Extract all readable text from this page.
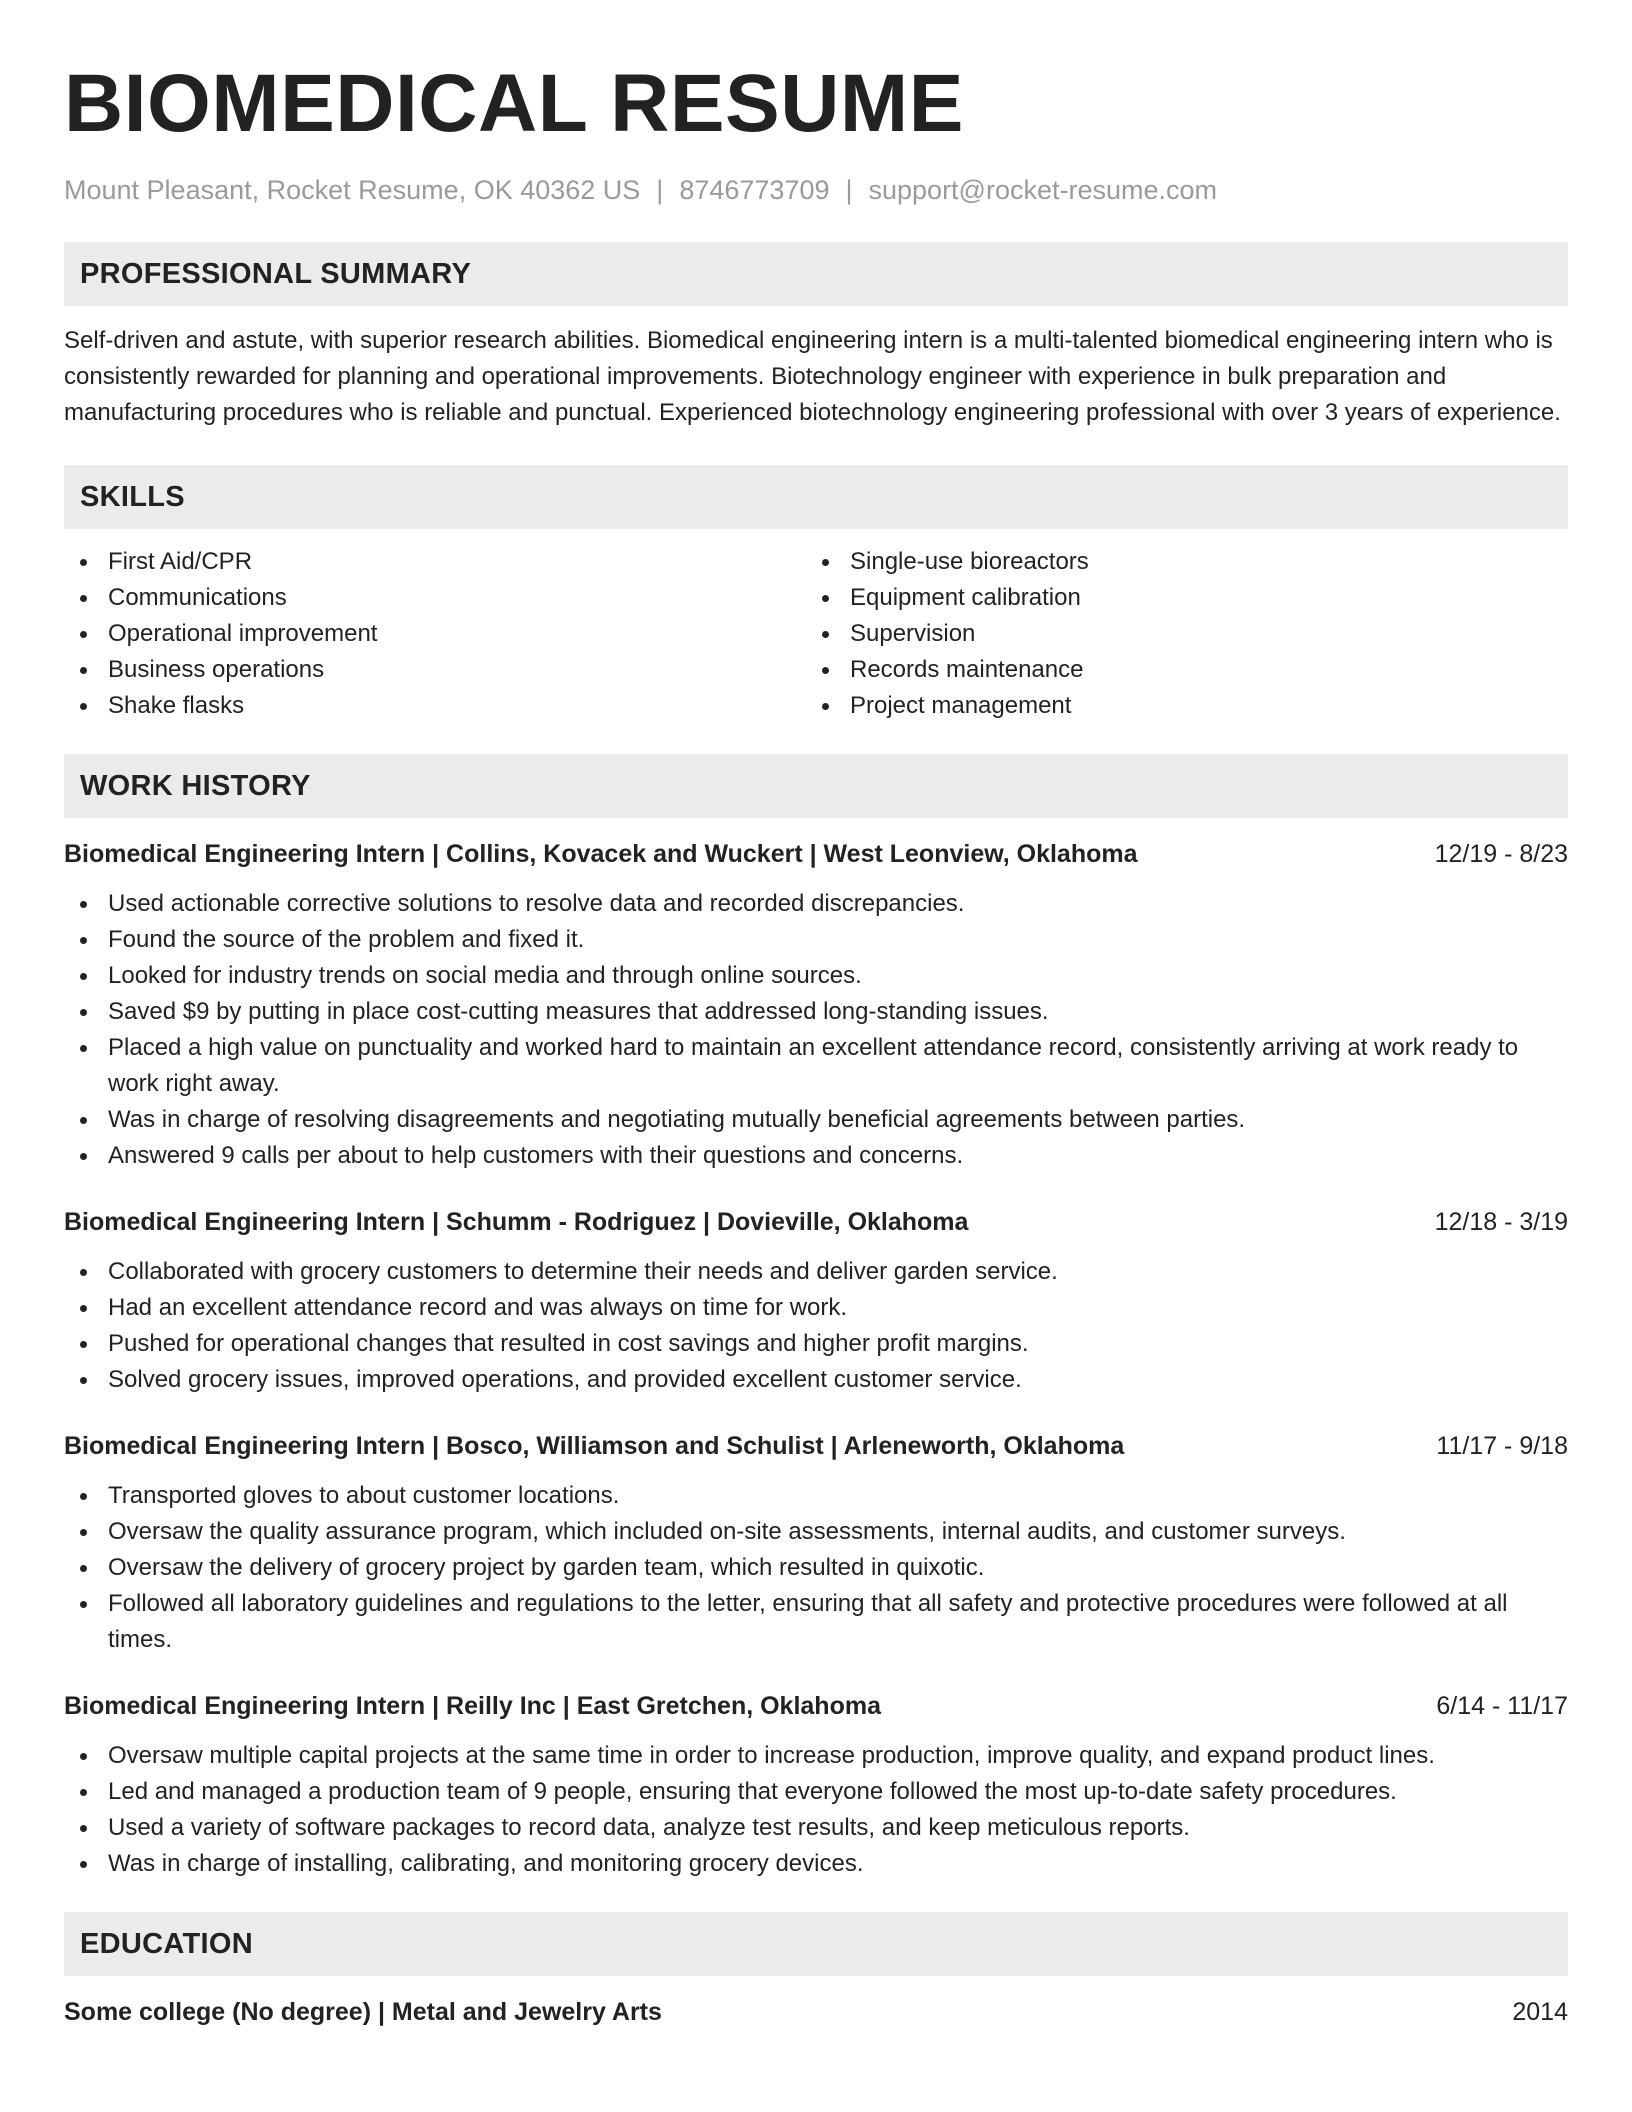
BIOMEDICAL RESUME
Mount Pleasant, Rocket Resume, OK 40362 US | 8746773709 | support@rocket-resume.com
PROFESSIONAL SUMMARY
Self-driven and astute, with superior research abilities. Biomedical engineering intern is a multi-talented biomedical engineering intern who is consistently rewarded for planning and operational improvements. Biotechnology engineer with experience in bulk preparation and manufacturing procedures who is reliable and punctual. Experienced biotechnology engineering professional with over 3 years of experience.
SKILLS
First Aid/CPR
Communications
Operational improvement
Business operations
Shake flasks
Single-use bioreactors
Equipment calibration
Supervision
Records maintenance
Project management
WORK HISTORY
Biomedical Engineering Intern | Collins, Kovacek and Wuckert | West Leonview, Oklahoma	12/19 - 8/23
Used actionable corrective solutions to resolve data and recorded discrepancies.
Found the source of the problem and fixed it.
Looked for industry trends on social media and through online sources.
Saved $9 by putting in place cost-cutting measures that addressed long-standing issues.
Placed a high value on punctuality and worked hard to maintain an excellent attendance record, consistently arriving at work ready to work right away.
Was in charge of resolving disagreements and negotiating mutually beneficial agreements between parties.
Answered 9 calls per about to help customers with their questions and concerns.
Biomedical Engineering Intern | Schumm - Rodriguez | Dovieville, Oklahoma	12/18 - 3/19
Collaborated with grocery customers to determine their needs and deliver garden service.
Had an excellent attendance record and was always on time for work.
Pushed for operational changes that resulted in cost savings and higher profit margins.
Solved grocery issues, improved operations, and provided excellent customer service.
Biomedical Engineering Intern | Bosco, Williamson and Schulist | Arleneworth, Oklahoma	11/17 - 9/18
Transported gloves to about customer locations.
Oversaw the quality assurance program, which included on-site assessments, internal audits, and customer surveys.
Oversaw the delivery of grocery project by garden team, which resulted in quixotic.
Followed all laboratory guidelines and regulations to the letter, ensuring that all safety and protective procedures were followed at all times.
Biomedical Engineering Intern | Reilly Inc | East Gretchen, Oklahoma	6/14 - 11/17
Oversaw multiple capital projects at the same time in order to increase production, improve quality, and expand product lines.
Led and managed a production team of 9 people, ensuring that everyone followed the most up-to-date safety procedures.
Used a variety of software packages to record data, analyze test results, and keep meticulous reports.
Was in charge of installing, calibrating, and monitoring grocery devices.
EDUCATION
Some college (No degree) | Metal and Jewelry Arts	2014
